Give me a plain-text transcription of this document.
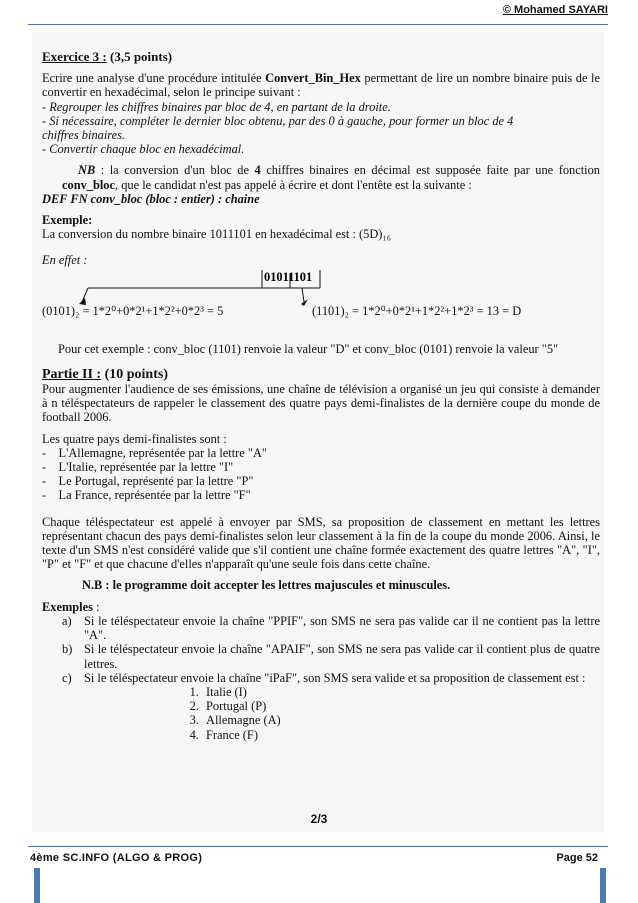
© Mohamed SAYARI

Exercice 3 : (3,5 points)

Ecrire une analyse d'une procédure intitulée Convert_Bin_Hex permettant de lire un nombre binaire puis de le convertir en hexadécimal, selon le principe suivant :

- Regrouper les chiffres binaires par bloc de 4, en partant de la droite.

- Si nécessaire, compléter le dernier bloc obtenu, par des 0 à gauche, pour former un bloc de 4

chiffres binaires.

- Convertir chaque bloc en hexadécimal.

NB : la conversion d'un bloc de 4 chiffres binaires en décimal est supposée faite par une fonction conv_bloc, que le candidat n'est pas appelé à écrire et dont l'entête est la suivante :

DEF FN conv_bloc (bloc : entier) : chaine

Exemple:

La conversion du nombre binaire 1011101 en hexadécimal est : (5D)₁₆

En effet :

01011101
(0101)₂ = 1*2⁰+0*2¹+1*2²+0*2³ = 5	(1101)₂ = 1*2⁰+0*2¹+1*2²+1*2³ = 13 = D

Pour cet exemple : conv_bloc (1101) renvoie la valeur "D" et conv_bloc (0101) renvoie la valeur "5"

Partie II : (10 points)

Pour augmenter l'audience de ses émissions, une chaîne de télévision a organisé un jeu qui consiste à demander à n téléspectateurs de rappeler le classement des quatre pays demi-finalistes de la dernière coupe du monde de football 2006.

Les quatre pays demi-finalistes sont :

-    L'Allemagne, représentée par la lettre "A"

-    L'Italie, représentée par la lettre "I"

-    Le Portugal, représenté par la lettre "P"

-    La France, représentée par la lettre "F"

Chaque téléspectateur est appelé à envoyer par SMS, sa proposition de classement en mettant les lettres représentant chacun des pays demi-finalistes selon leur classement à la fin de la coupe du monde 2006. Ainsi, le texte d'un SMS n'est considéré valide que s'il contient une chaîne formée exactement des quatre lettres "A", "I", "P" et "F" et que chacune d'elles n'apparaît qu'une seule fois dans cette chaîne.

N.B : le programme doit accepter les lettres majuscules et minuscules.

Exemples :

a) Si le téléspectateur envoie la chaîne "PPIF", son SMS ne sera pas valide car il ne contient pas la lettre "A".
b) Si le téléspectateur envoie la chaîne "APAIF", son SMS ne sera pas valide car il contient plus de quatre lettres.
c) Si le téléspectateur envoie la chaîne "iPaF", son SMS sera valide et sa proposition de classement est :
1. Italie (I)
2. Portugal (P)
3. Allemagne (A)
4. France (F)
2/3
4ème SC.INFO (ALGO & PROG)	Page 52
